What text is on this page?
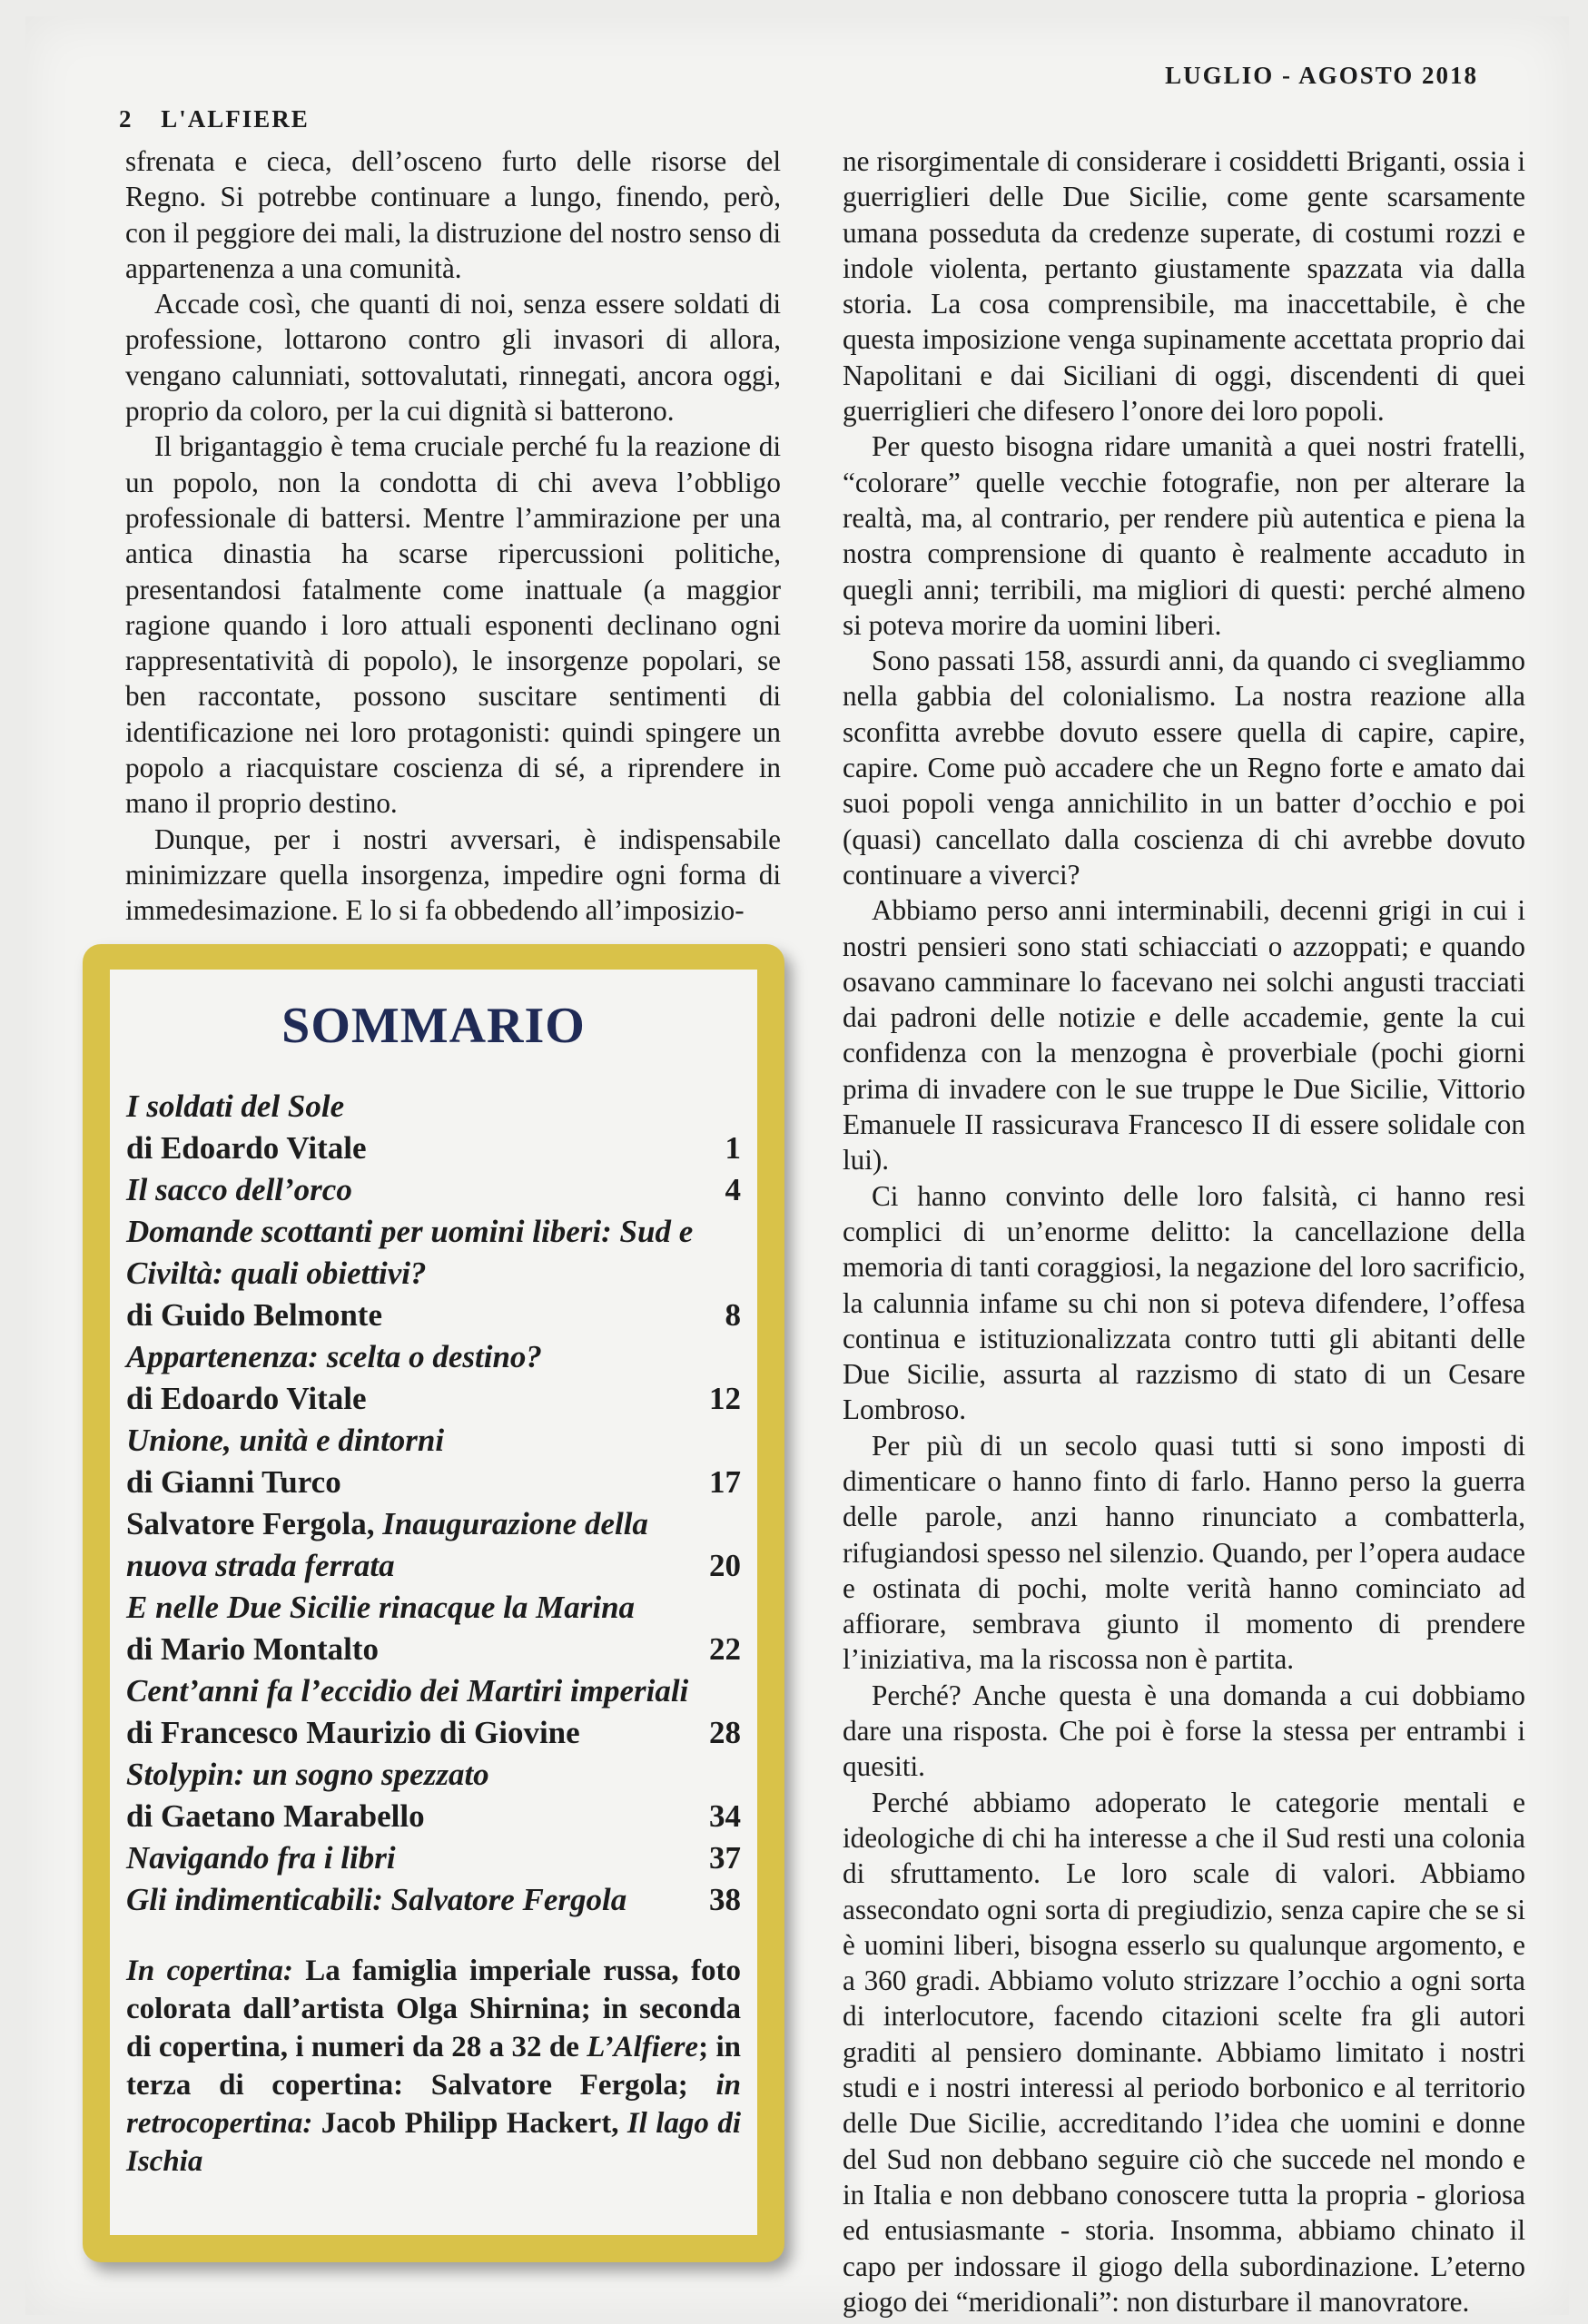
2 L'ALFIERE
LUGLIO - AGOSTO 2018

sfrenata e cieca, dell’osceno furto delle risorse del Regno. Si potrebbe continuare a lungo, finendo, però, con il peggiore dei mali, la distruzione del nostro senso di appartenenza a una comunità.

Accade così, che quanti di noi, senza essere soldati di professione, lottarono contro gli invasori di allora, vengano calunniati, sottovalutati, rinnegati, ancora oggi, proprio da coloro, per la cui dignità si batterono.

Il brigantaggio è tema cruciale perché fu la reazione di un popolo, non la condotta di chi aveva l’obbligo professionale di battersi. Mentre l’ammirazione per una antica dinastia ha scarse ripercussioni politiche, presentandosi fatalmente come inattuale (a maggior ragione quando i loro attuali esponenti declinano ogni rappresentatività di popolo), le insorgenze popolari, se ben raccontate, possono suscitare sentimenti di identificazione nei loro protagonisti: quindi spingere un popolo a riacquistare coscienza di sé, a riprendere in mano il proprio destino.

Dunque, per i nostri avversari, è indispensabile minimizzare quella insorgenza, impedire ogni forma di immedesimazione. E lo si fa obbedendo all’imposizio-

ne risorgimentale di considerare i cosiddetti Briganti, ossia i guerriglieri delle Due Sicilie, come gente scarsamente umana posseduta da credenze superate, di costumi rozzi e indole violenta, pertanto giustamente spazzata via dalla storia. La cosa comprensibile, ma inaccettabile, è che questa imposizione venga supinamente accettata proprio dai Napolitani e dai Siciliani di oggi, discendenti di quei guerriglieri che difesero l’onore dei loro popoli.

Per questo bisogna ridare umanità a quei nostri fratelli, “colorare” quelle vecchie fotografie, non per alterare la realtà, ma, al contrario, per rendere più autentica e piena la nostra comprensione di quanto è realmente accaduto in quegli anni; terribili, ma migliori di questi: perché almeno si poteva morire da uomini liberi.

Sono passati 158, assurdi anni, da quando ci svegliammo nella gabbia del colonialismo. La nostra reazione alla sconfitta avrebbe dovuto essere quella di capire, capire, capire. Come può accadere che un Regno forte e amato dai suoi popoli venga annichilito in un batter d’occhio e poi (quasi) cancellato dalla coscienza di chi avrebbe dovuto continuare a viverci?

Abbiamo perso anni interminabili, decenni grigi in cui i nostri pensieri sono stati schiacciati o azzoppati; e quando osavano camminare lo facevano nei solchi angusti tracciati dai padroni delle notizie e delle accademie, gente la cui confidenza con la menzogna è proverbiale (pochi giorni prima di invadere con le sue truppe le Due Sicilie, Vittorio Emanuele II rassicurava Francesco II di essere solidale con lui).

Ci hanno convinto delle loro falsità, ci hanno resi complici di un’enorme delitto: la cancellazione della memoria di tanti coraggiosi, la negazione del loro sacrificio, la calunnia infame su chi non si poteva difendere, l’offesa continua e istituzionalizzata contro tutti gli abitanti delle Due Sicilie, assurta al razzismo di stato di un Cesare Lombroso.

Per più di un secolo quasi tutti si sono imposti di dimenticare o hanno finto di farlo. Hanno perso la guerra delle parole, anzi hanno rinunciato a combatterla, rifugiandosi spesso nel silenzio. Quando, per l’opera audace e ostinata di pochi, molte verità hanno cominciato ad affiorare, sembrava giunto il momento di prendere l’iniziativa, ma la riscossa non è partita.

Perché? Anche questa è una domanda a cui dobbiamo dare una risposta. Che poi è forse la stessa per entrambi i quesiti.

Perché abbiamo adoperato le categorie mentali e ideologiche di chi ha interesse a che il Sud resti una colonia di sfruttamento. Le loro scale di valori. Abbiamo assecondato ogni sorta di pregiudizio, senza capire che se si è uomini liberi, bisogna esserlo su qualunque argomento, e a 360 gradi. Abbiamo voluto strizzare l’occhio a ogni sorta di interlocutore, facendo citazioni scelte fra gli autori graditi al pensiero dominante. Abbiamo limitato i nostri studi e i nostri interessi al periodo borbonico e al territorio delle Due Sicilie, accreditando l’idea che uomini e donne del Sud non debbano seguire ciò che succede nel mondo e in Italia e non debbano conoscere tutta la propria - gloriosa ed entusiasmante - storia. Insomma, abbiamo chinato il capo per indossare il giogo della subordinazione. L’eterno giogo dei “meridionali”: non disturbare il manovratore.

SOMMARIO
I soldati del Sole
di Edoardo Vitale	1
Il sacco dell’orco	4
Domande scottanti per uomini liberi: Sud e Civiltà: quali obiettivi?
di Guido Belmonte	8
Appartenenza: scelta o destino?
di Edoardo Vitale	12
Unione, unità e dintorni
di Gianni Turco	17
Salvatore Fergola, Inaugurazione della nuova strada ferrata	20
E nelle Due Sicilie rinacque la Marina
di Mario Montalto	22
Cent’anni fa l’eccidio dei Martiri imperiali
di Francesco Maurizio di Giovine	28
Stolypin: un sogno spezzato
di Gaetano Marabello	34
Navigando fra i libri	37
Gli indimenticabili: Salvatore Fergola	38
In copertina: La famiglia imperiale russa, foto colorata dall’artista Olga Shirnina; in seconda di copertina, i numeri da 28 a 32 de L’Alfiere; in terza di copertina: Salvatore Fergola; in retrocopertina: Jacob Philipp Hackert, Il lago di Ischia
